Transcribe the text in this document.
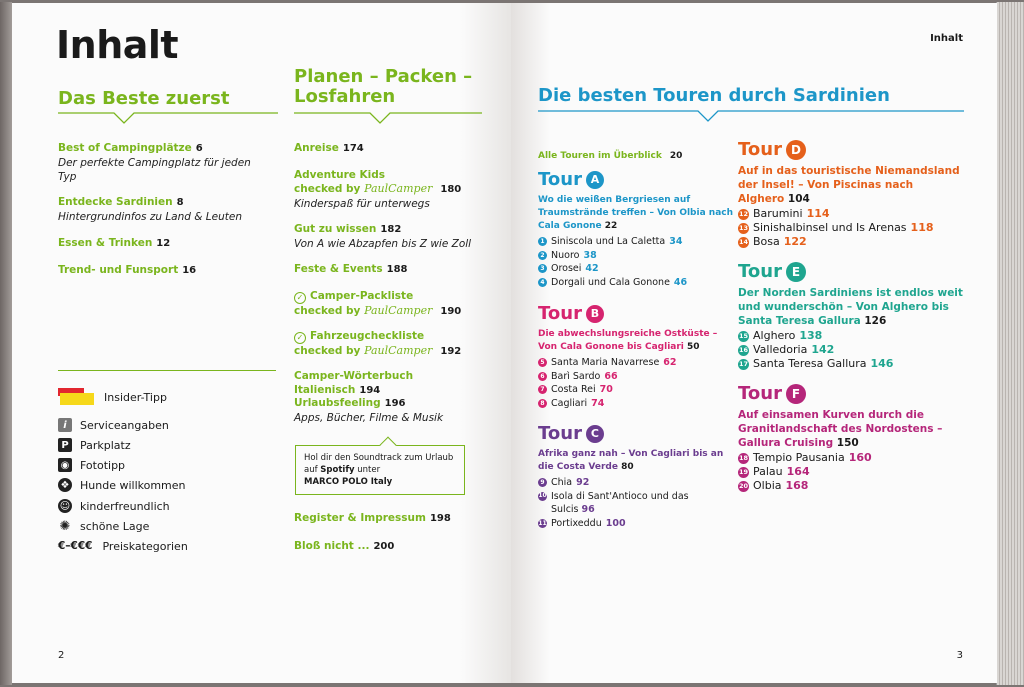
Inhalt
Das Beste zuerst
Best of Campingplätze 6
Der perfekte Campingplatz für jeden Typ
Entdecke Sardinien 8
Hintergrundinfos zu Land & Leuten
Essen & Trinken 12
Trend- und Funsport 16
Insider-Tipp
i	Serviceangaben
P	Parkplatz
◉ Fototipp
❖ Hunde willkommen
☺ kinderfreundlich
✺ schöne Lage
€–€€€ Preiskategorien
Planen – Packen –
Losfahren
Anreise 174
Adventure Kids
checked by PaulCamper 180
Kinderspaß für unterwegs
Gut zu wissen 182
Von A wie Abzapfen bis Z wie Zoll
Feste & Events 188
✓ Camper-Packliste
checked by PaulCamper 190
✓ Fahrzeugcheckliste
checked by PaulCamper 192
Camper-Wörterbuch Italienisch 194
Urlaubsfeeling 196
Apps, Bücher, Filme & Musik
Hol dir den Soundtrack zum Urlaub
auf Spotify unter
MARCO POLO Italy
Register & Impressum 198
Bloß nicht ... 200
2
Inhalt
Die besten Touren durch Sardinien
Alle Touren im Überblick 20
Tour A
Wo die weißen Bergriesen auf Traumstrände treffen – Von Olbia nach Cala Gonone 22
1 Siniscola und La Caletta 34
2 Nuoro 38
3 Orosei 42
4 Dorgali und Cala Gonone 46
Tour B
Die abwechslungsreiche Ostküste – Von Cala Gonone bis Cagliari 50
5 Santa Maria Navarrese 62
6 Barì Sardo 66
7 Costa Rei 70
8 Cagliari 74
Tour C
Afrika ganz nah – Von Cagliari bis an die Costa Verde 80
9 Chia 92
10 Isola di Sant'Antioco und das Sulcis 96
11 Portixeddu 100
Tour D
Auf in das touristische Niemandsland der Insel! – Von Piscinas nach Alghero 104
12 Barumini 114
13 Sinishalbinsel und Is Arenas 118
14 Bosa 122
Tour E
Der Norden Sardiniens ist endlos weit und wunderschön – Von Alghero bis Santa Teresa Gallura 126
15 Alghero 138
16 Valledoria 142
17 Santa Teresa Gallura 146
Tour F
Auf einsamen Kurven durch die Granitlandschaft des Nordostens – Gallura Cruising 150
18 Tempio Pausania 160
19 Palau 164
20 Olbia 168
3
